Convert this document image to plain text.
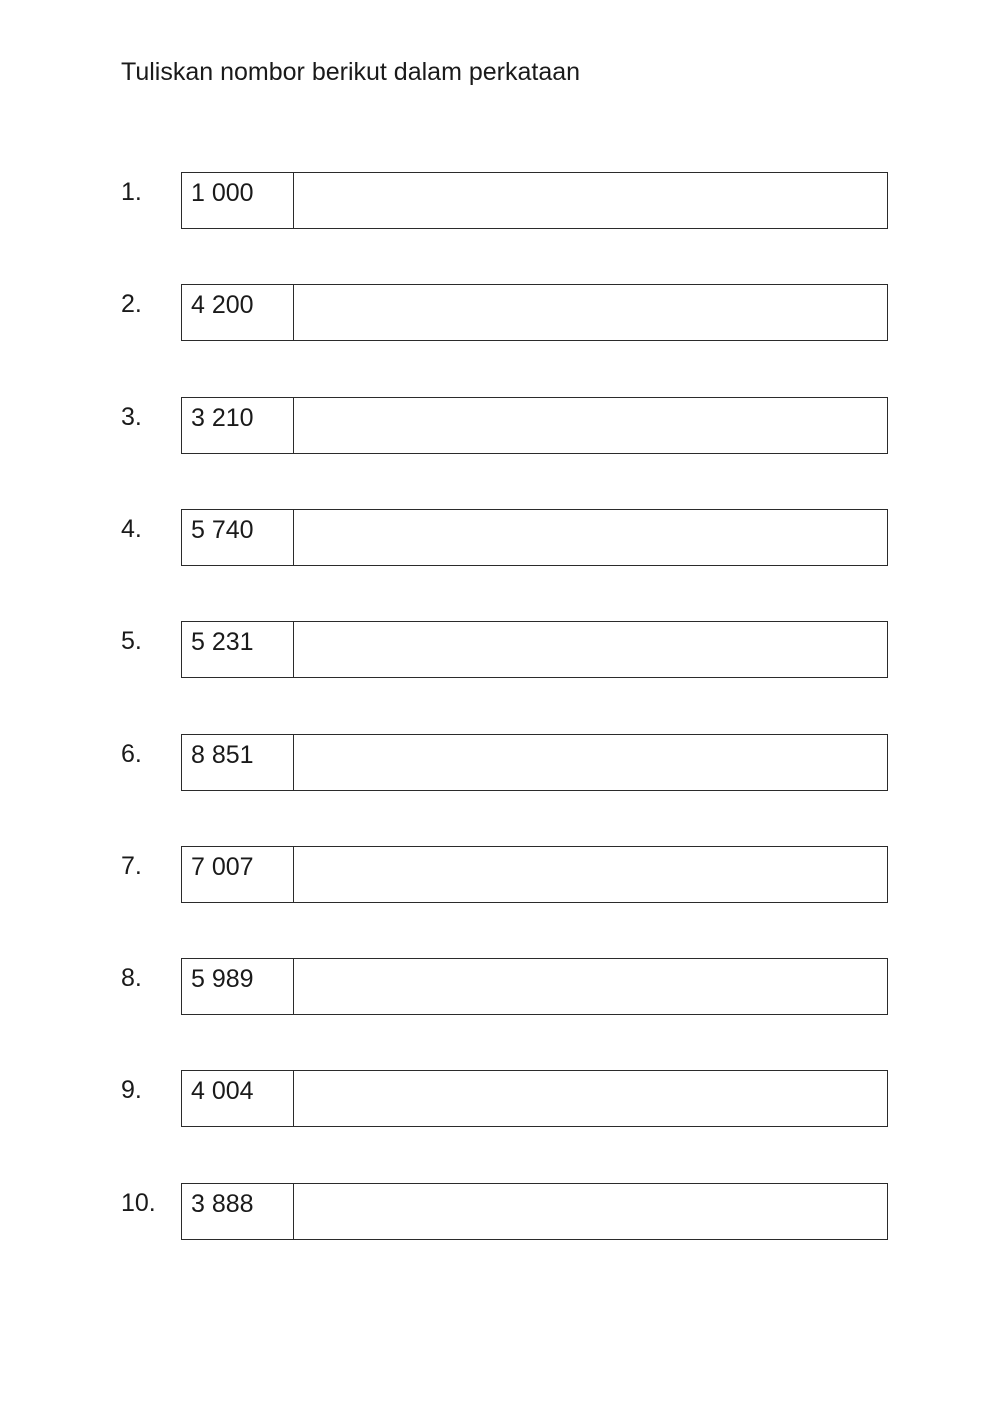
Tuliskan nombor berikut dalam perkataan
1.	1 000
2.	4 200
3.	3 210
4.	5 740
5.	5 231
6.	8 851
7.	7 007
8.	5 989
9.	4 004
10.	3 888
